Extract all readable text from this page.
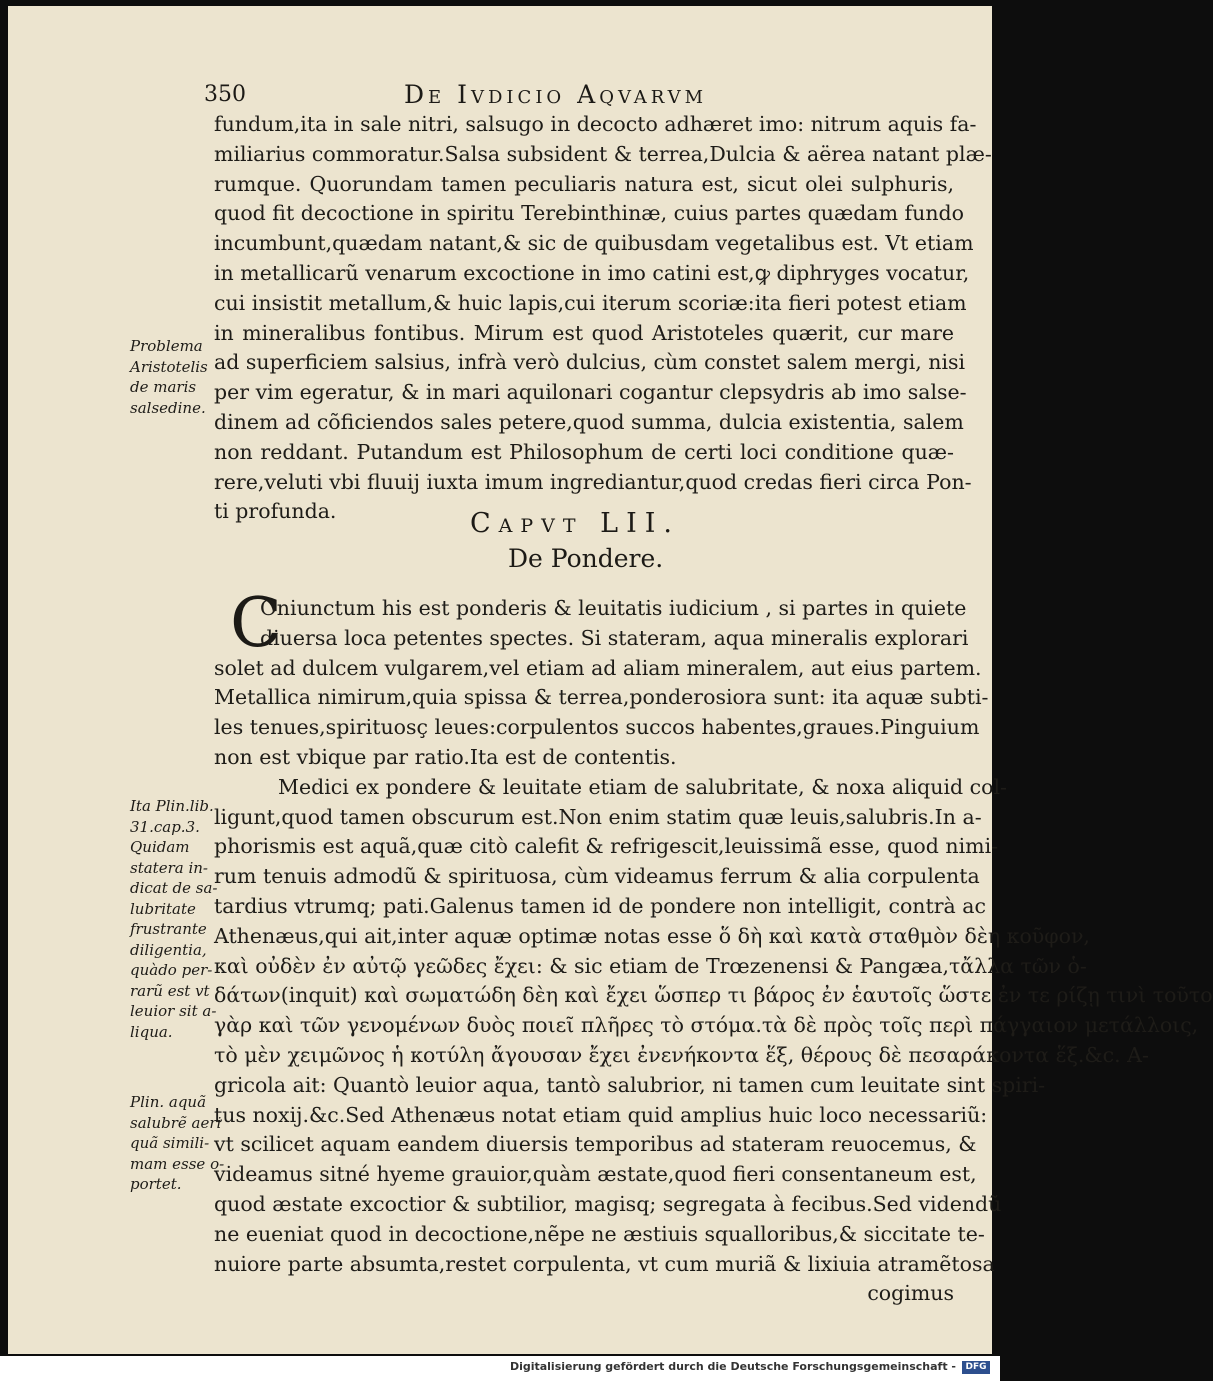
350	De Ivdicio Aqvarvm
fundum,ita in sale nitri, salsugo in decocto adhæret imo: nitrum aquis fa-
miliarius commoratur.Salsa subsident & terrea,Dulcia & aërea natant plæ-
rumque. Quorundam tamen peculiaris natura est, sicut olei sulphuris,
quod fit decoctione in spiritu Terebinthinæ, cuius partes quædam fundo
incumbunt,quædam natant,& sic de quibusdam vegetalibus est. Vt etiam
in metallicarũ venarum excoctione in imo catini est,ꝙ diphryges vocatur,
cui insistit metallum,& huic lapis,cui iterum scoriæ:ita fieri potest etiam
in mineralibus fontibus. Mirum est quod Aristoteles quærit, cur mare
ad superficiem salsius, infrà verò dulcius, cùm constet salem mergi, nisi
per vim egeratur, & in mari aquilonari cogantur clepsydris ab imo salse-
dinem ad cõficiendos sales petere,quod summa, dulcia existentia, salem
non reddant. Putandum est Philosophum de certi loci conditione quæ-
rere,veluti vbi fluuij iuxta imum ingrediantur,quod credas fieri circa Pon-
ti profunda.	Capvt LII.
De Pondere.
C
Oniunctum his est ponderis & leuitatis iudicium , si partes in quiete
diuersa loca petentes spectes. Si stateram, aqua mineralis explorari
solet ad dulcem vulgarem,vel etiam ad aliam mineralem, aut eius partem.
Metallica nimirum,quia spissa & terrea,ponderosiora sunt: ita aquæ subti-
les tenues,spirituosç leues:corpulentos succos habentes,graues.Pinguium
non est vbique par ratio.Ita est de contentis.
Medici ex pondere & leuitate etiam de salubritate, & noxa aliquid col-
ligunt,quod tamen obscurum est.Non enim statim quæ leuis,salubris.In a-
phorismis est aquã,quæ citò calefit & refrigescit,leuissimã esse, quod nimi-
rum tenuis admodũ & spirituosa, cùm videamus ferrum & alia corpulenta
tardius vtrumq; pati.Galenus tamen id de pondere non intelligit, contrà ac
Athenæus,qui ait,inter aquæ optimæ notas esse ὅ δὴ καὶ κατὰ σταθμὸν δὲη κοῦφον,
καὶ οὐδὲν ἐν αὐτῷ γεῶδες ἔχει: & sic etiam de Trœzenensi & Pangæa,τἄλλα τῶν ὁ-
δάτων(inquit) καὶ σωματώδη δὲη καὶ ἔχει ὥσπερ τι βάρος ἐν ἑαυτοῖς ὥστε ἐν τε ρίζῃ τινὶ τοῦτο
γὰρ καὶ τῶν γενομένων δυὸς ποιεῖ πλῆρες τὸ στόμα.τὰ δὲ πρὸς τοῖς περὶ πάγγαιον μετάλλοις,
τὸ μὲν χειμῶνος ἡ κοτύλη ἄγουσαν ἔχει ἐνενήκοντα ἕξ, θέρους δὲ πεσαράκοντα ἕξ.&c. A-
gricola ait: Quantò leuior aqua, tantò salubrior, ni tamen cum leuitate sint spiri-
tus noxij.&c.Sed Athenæus notat etiam quid amplius huic loco necessariũ:
vt scilicet aquam eandem diuersis temporibus ad stateram reuocemus, &
videamus sitné hyeme grauior,quàm æstate,quod fieri consentaneum est,
quod æstate excoctior & subtilior, magisq; segregata à fecibus.Sed videndũ
ne eueniat quod in decoctione,nẽpe ne æstiuis squalloribus,& siccitate te-
nuiore parte absumta,restet corpulenta, vt cum muriã & lixiuia atramẽtosa
cogimus
Problema
Aristotelis
de maris
salsedine.
Ita Plin.lib.
31.cap.3.
Quidam
statera in-
dicat de sa-
lubritate
frustrante
diligentia,
quàdo per-
rarũ est vt
leuior sit a-
liqua.
Plin. aquã
salubrẽ aeri
quã simili-
mam esse o-
portet.
Digitalisierung gefördert durch die Deutsche Forschungsgemeinschaft -	DFG
